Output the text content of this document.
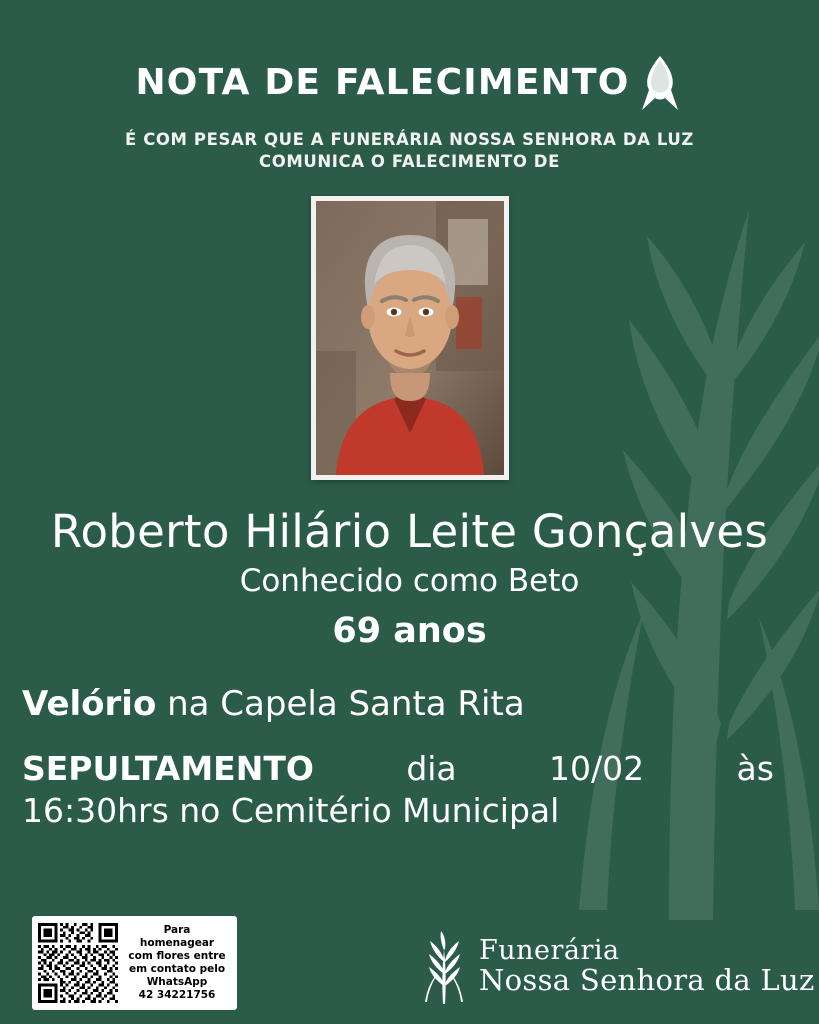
NOTA DE FALECIMENTO
É COM PESAR QUE A FUNERÁRIA NOSSA SENHORA DA LUZ
COMUNICA O FALECIMENTO DE
Roberto Hilário Leite Gonçalves
Conhecido como Beto
69 anos
Velório na Capela Santa Rita
SEPULTAMENTO	dia	10/02	às
16:30hrs no Cemitério Municipal
Para
homenagear
com flores entre
em contato pelo
WhatsApp
42 34221756
Funerária
Nossa Senhora da Luz
